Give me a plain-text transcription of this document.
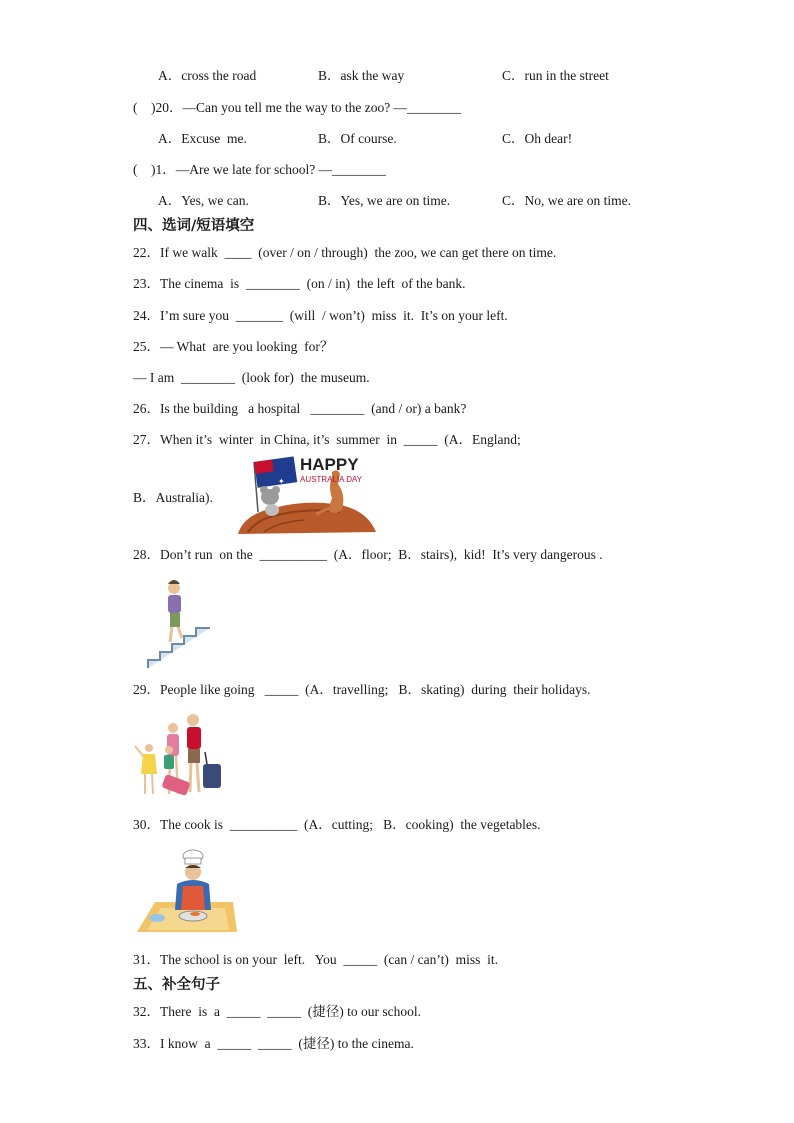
A．cross the road	B．ask the way	C．run in the street
(    )20．—Can you tell me the way to the zoo? —________
A．Excuse  me.	B．Of course.	C．Oh dear!
(    )1．—Are we late for school? —________
A．Yes, we can.	B．Yes, we are on time.	C．No, we are on time.
四、选词/短语填空
22．If we walk  ____  (over / on / through)  the zoo, we can get there on time.
23．The cinema  is  ________  (on / in)  the left  of the bank.
24．I’m sure you  _______  (will  / won’t)  miss  it.  It’s on your left.
25．— What  are you looking  for？
— I am  ________  (look for)  the museum.
26．Is the building   a hospital   ________  (and / or) a bank?
27．When it’s  winter  in China, it’s  summer  in  _____  (A．England;
✦
HAPPY
AUSTRALIA DAY
B．Australia).
28．Don’t run  on the  __________  (A．floor;  B．stairs),  kid!  It’s very dangerous .
29．People like going   _____  (A．travelling;   B．skating)  during  their holidays.
30．The cook is  __________  (A．cutting;   B．cooking)  the vegetables.
31．The school is on your  left.   You  _____  (can / can’t)  miss  it.
五、补全句子
32．There  is  a  _____  _____  (捷径) to our school.
33．I know  a  _____  _____  (捷径) to the cinema.
